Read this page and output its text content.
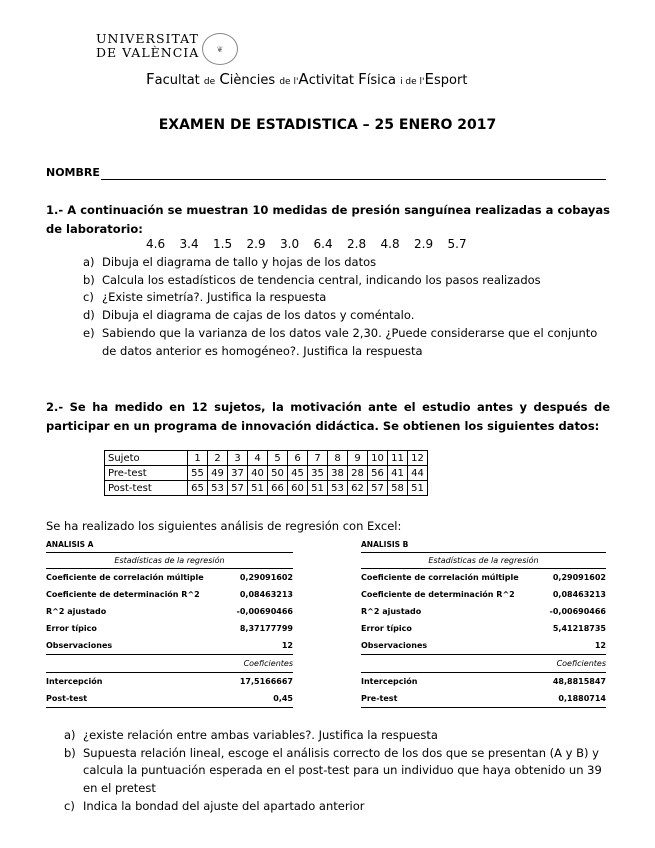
UNIVERSITAT
DE VALÈNCIA	❦
Facultat de Ciències de l'Activitat Física i de l'Esport
EXAMEN DE ESTADISTICA – 25 ENERO 2017
NOMBRE
1.- A continuación se muestran 10 medidas de presión sanguínea realizadas a cobayas de laboratorio:
4.6 3.4 1.5 2.9 3.0 6.4 2.8 4.8 2.9 5.7
a) Dibuja el diagrama de tallo y hojas de los datos
b) Calcula los estadísticos de tendencia central, indicando los pasos realizados
c) ¿Existe simetría?. Justifica la respuesta
d) Dibuja el diagrama de cajas de los datos y coméntalo.
e) Sabiendo que la varianza de los datos vale 2,30. ¿Puede considerarse que el conjunto de datos anterior es homogéneo?. Justifica la respuesta
2.- Se ha medido en 12 sujetos, la motivación ante el estudio antes y después de participar en un programa de innovación didáctica. Se obtienen los siguientes datos:
Sujeto	1	2	3	4	5	6	7	8	9	10	11	12
Pre-test	55	49	37	40	50	45	35	38	28	56	41	44
Post-test	65	53	57	51	66	60	51	53	62	57	58	51
Se ha realizado los siguientes análisis de regresión con Excel:
ANALISIS A
Estadísticas de la regresión
Coeficiente de correlación múltiple	0,29091602
Coeficiente de determinación R^2	0,08463213
R^2 ajustado	-0,00690466
Error típico	8,37177799
Observaciones	12
Coeficientes
Intercepción	17,5166667
Post-test	0,45
ANALISIS B
Estadísticas de la regresión
Coeficiente de correlación múltiple	0,29091602
Coeficiente de determinación R^2	0,08463213
R^2 ajustado	-0,00690466
Error típico	5,41218735
Observaciones	12
Coeficientes
Intercepción	48,8815847
Pre-test	0,1880714
a) ¿existe relación entre ambas variables?. Justifica la respuesta
b) Supuesta relación lineal, escoge el análisis correcto de los dos que se presentan (A y B) y calcula la puntuación esperada en el post-test para un individuo que haya obtenido un 39 en el pretest
c) Indica la bondad del ajuste del apartado anterior
